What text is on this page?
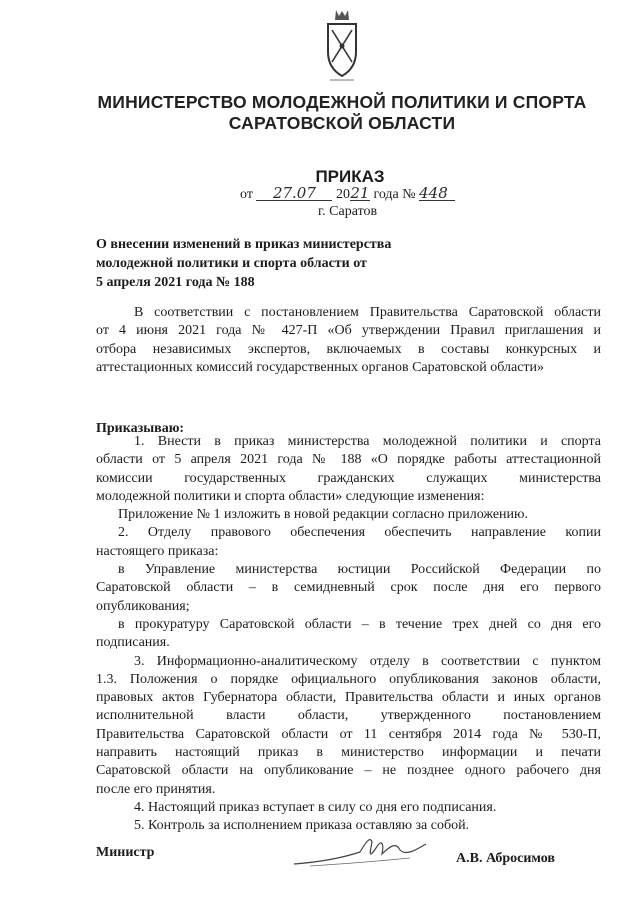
МИНИСТЕРСТВО МОЛОДЕЖНОЙ ПОЛИТИКИ И СПОРТА
САРАТОВСКОЙ ОБЛАСТИ
ПРИКАЗ
от 27.07 2021 года № 448
г. Саратов
О внесении изменений в приказ министерства
молодежной политики и спорта области от
5 апреля 2021 года № 188
В соответствии с постановлением Правительства Саратовской области
от 4 июня 2021 года № 427-П «Об утверждении Правил приглашения и
отбора независимых экспертов, включаемых в составы конкурсных и
аттестационных комиссий государственных органов Саратовской области»
Приказываю:
1. Внести в приказ министерства молодежной политики и спорта
области от 5 апреля 2021 года № 188 «О порядке работы аттестационной
комиссии государственных гражданских служащих министерства
молодежной политики и спорта области» следующие изменения:
Приложение № 1 изложить в новой редакции согласно приложению.
2. Отделу правового обеспечения обеспечить направление копии
настоящего приказа:
в Управление министерства юстиции Российской Федерации по
Саратовской области – в семидневный срок после дня его первого
опубликования;
в прокуратуру Саратовской области – в течение трех дней со дня его
подписания.
3. Информационно-аналитическому отделу в соответствии с пунктом
1.3. Положения о порядке официального опубликования законов области,
правовых актов Губернатора области, Правительства области и иных органов
исполнительной власти области, утвержденного постановлением
Правительства Саратовской области от 11 сентября 2014 года № 530-П,
направить настоящий приказ в министерство информации и печати
Саратовской области на опубликование – не позднее одного рабочего дня
после его принятия.
4. Настоящий приказ вступает в силу со дня его подписания.
5. Контроль за исполнением приказа оставляю за собой.
Министр	А.В. Абросимов
